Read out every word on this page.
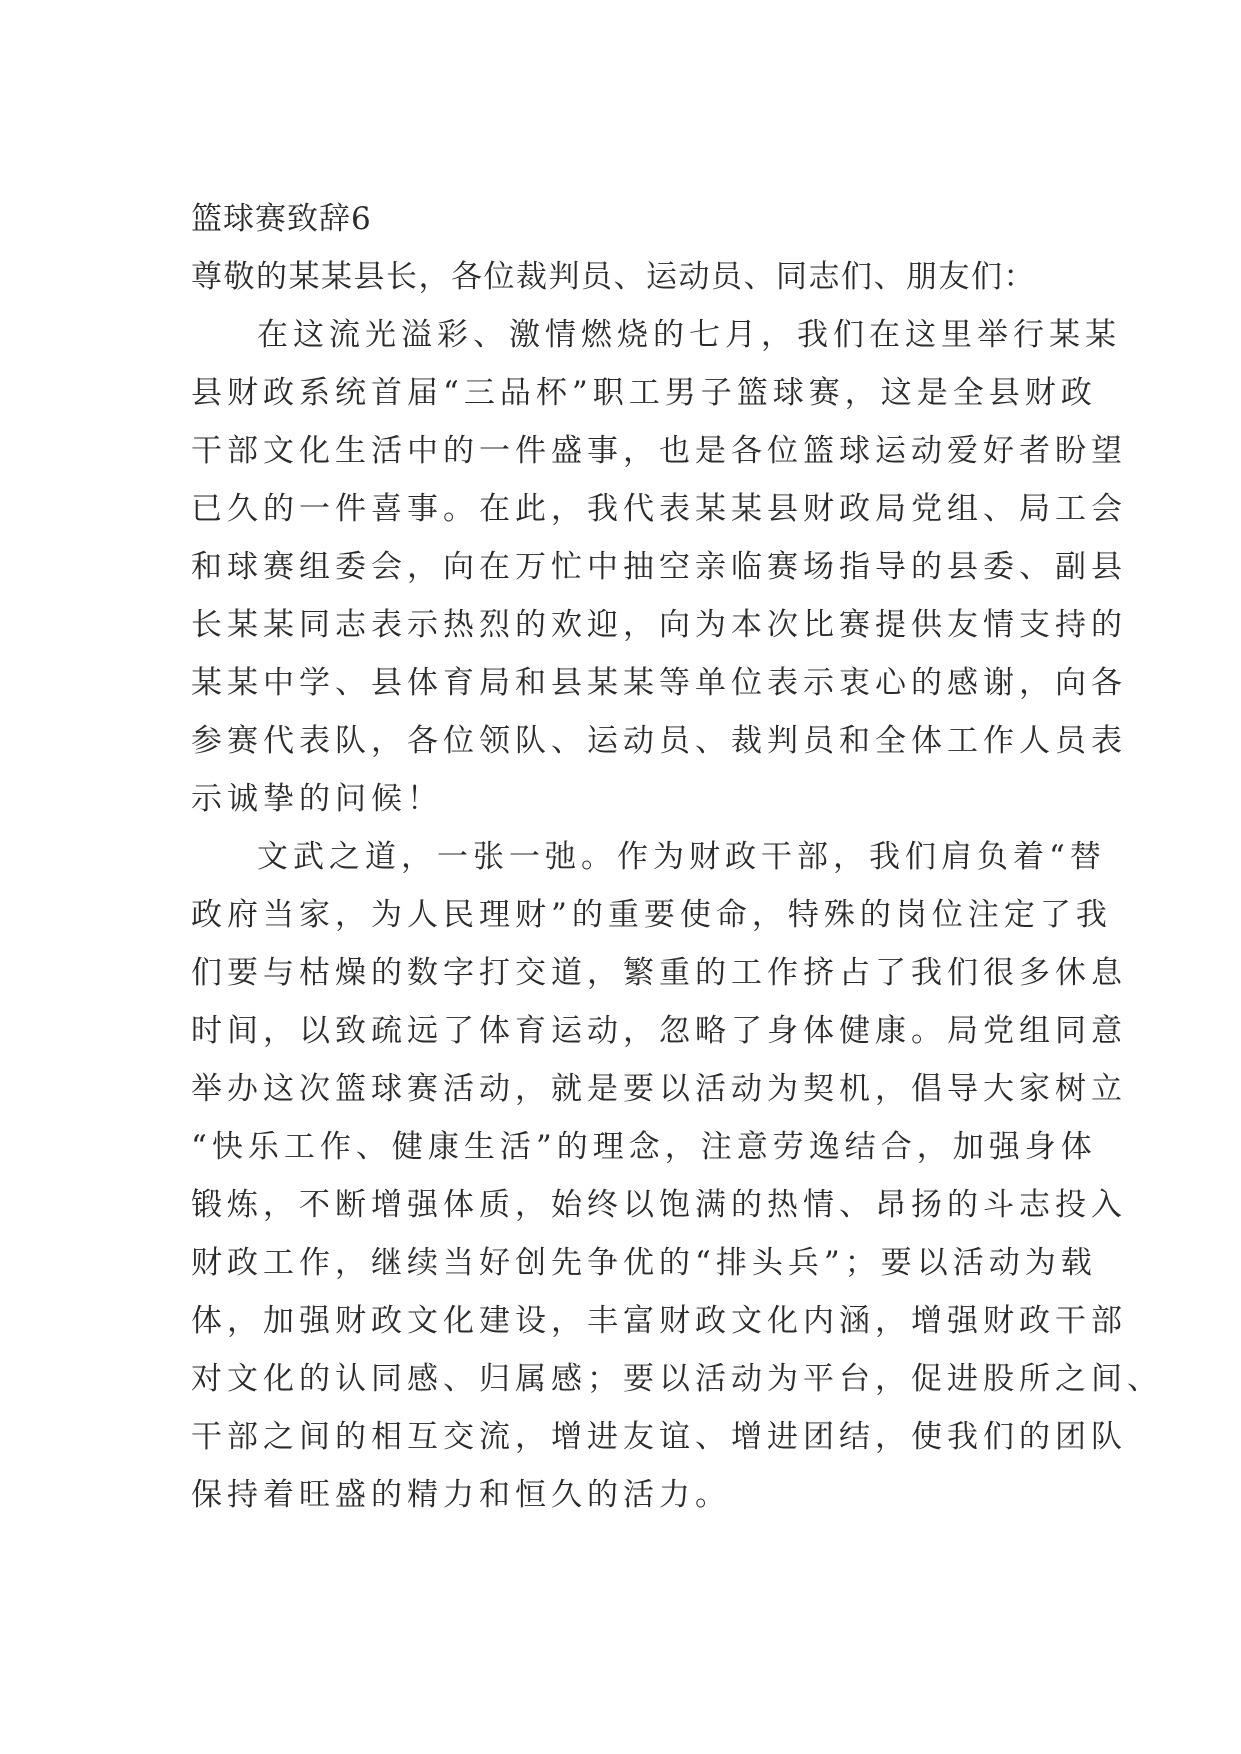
篮球赛致辞6
尊敬的某某县长，各位裁判员、运动员、同志们、朋友们：
在这流光溢彩、激情燃烧的七月，我们在这里举行某某
县财政系统首届“三品杯”职工男子篮球赛，这是全县财政
干部文化生活中的一件盛事，也是各位篮球运动爱好者盼望
已久的一件喜事。在此，我代表某某县财政局党组、局工会
和球赛组委会，向在万忙中抽空亲临赛场指导的县委、副县
长某某同志表示热烈的欢迎，向为本次比赛提供友情支持的
某某中学、县体育局和县某某等单位表示衷心的感谢，向各
参赛代表队，各位领队、运动员、裁判员和全体工作人员表
示诚挚的问候！
文武之道，一张一弛。作为财政干部，我们肩负着“替
政府当家，为人民理财”的重要使命，特殊的岗位注定了我
们要与枯燥的数字打交道，繁重的工作挤占了我们很多休息
时间，以致疏远了体育运动，忽略了身体健康。局党组同意
举办这次篮球赛活动，就是要以活动为契机，倡导大家树立
“快乐工作、健康生活”的理念，注意劳逸结合，加强身体
锻炼，不断增强体质，始终以饱满的热情、昂扬的斗志投入
财政工作，继续当好创先争优的“排头兵”；要以活动为载
体，加强财政文化建设，丰富财政文化内涵，增强财政干部
对文化的认同感、归属感；要以活动为平台，促进股所之间、
干部之间的相互交流，增进友谊、增进团结，使我们的团队
保持着旺盛的精力和恒久的活力。
